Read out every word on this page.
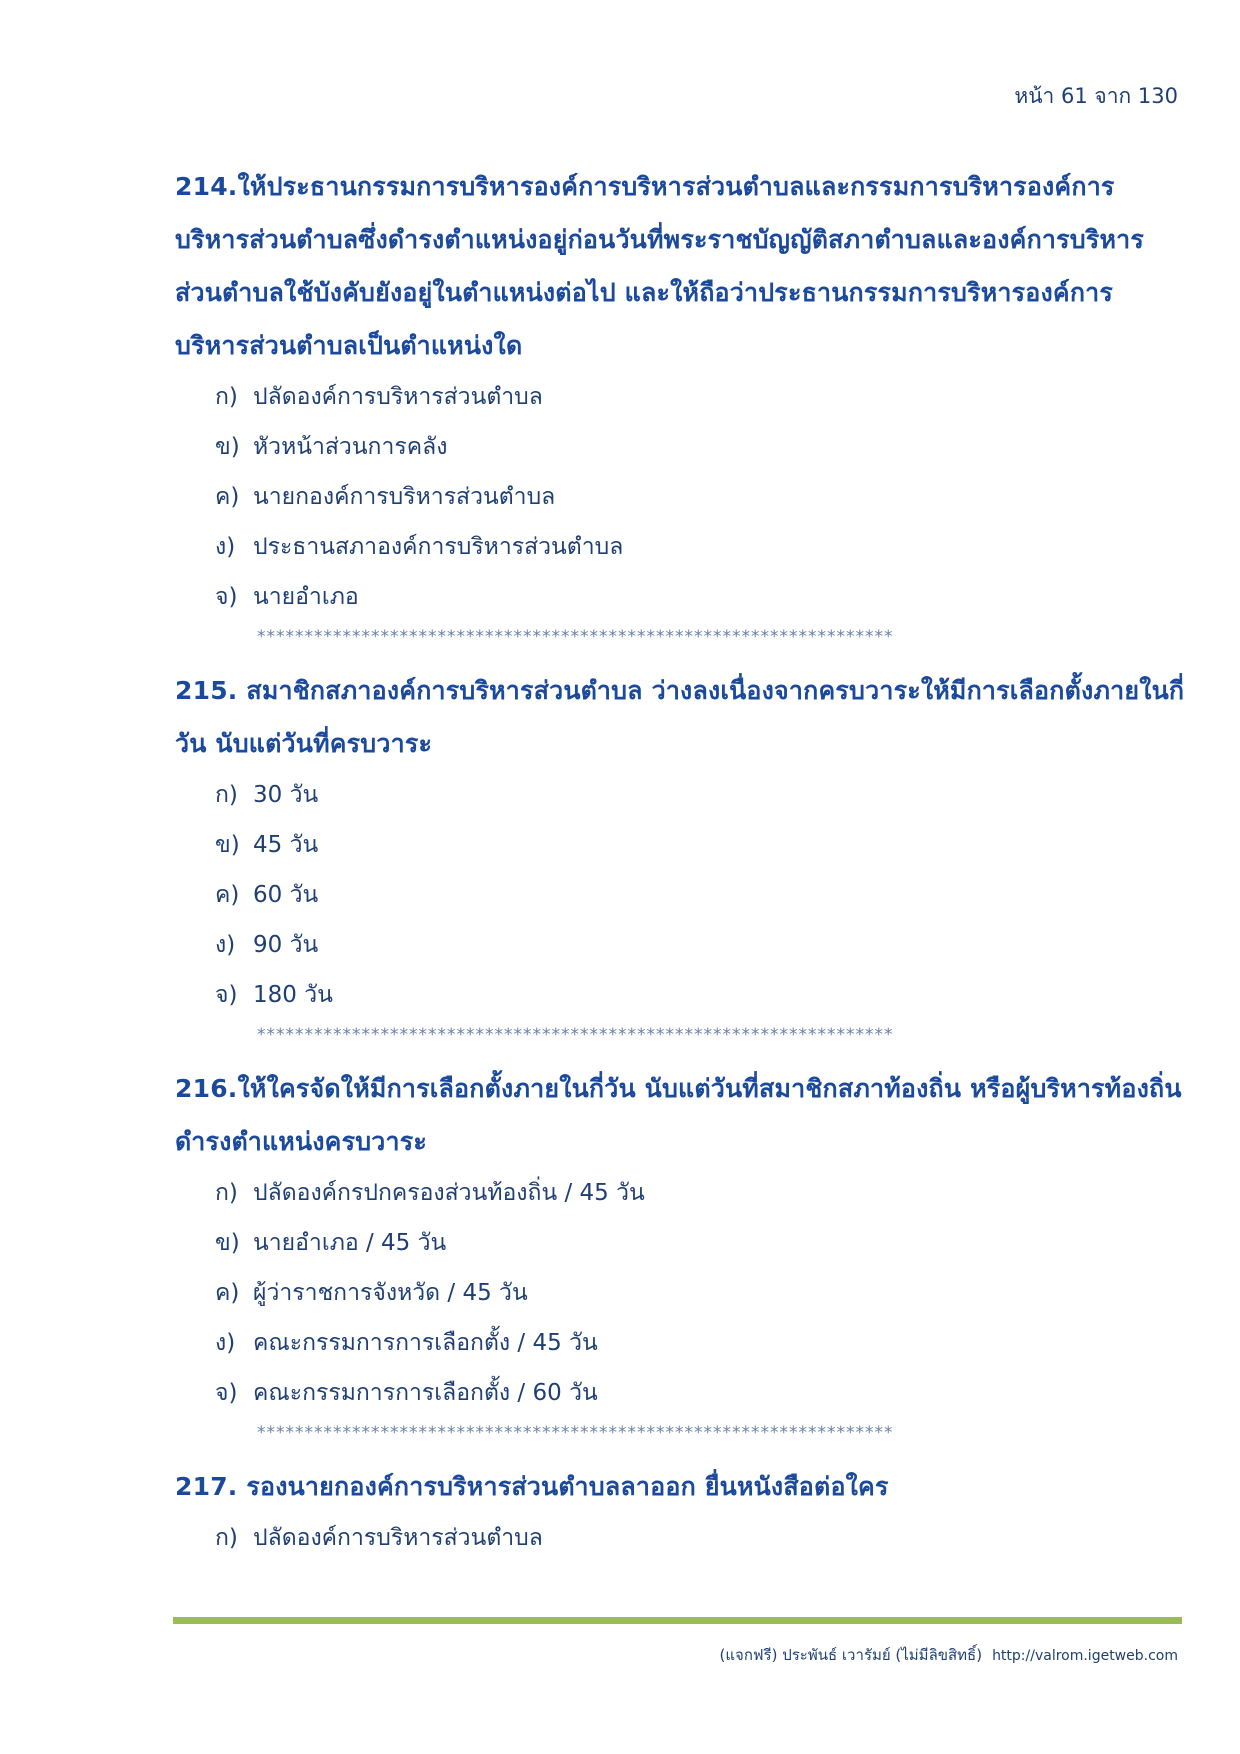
หน้า 61 จาก 130

214.ให้ประธานกรรมการบริหารองค์การบริหารส่วนตำบลและกรรมการบริหารองค์การบริหารส่วนตำบลซึ่งดำรงตำแหน่งอยู่ก่อนวันที่พระราชบัญญัติสภาตำบลและองค์การบริหารส่วนตำบลใช้บังคับยังอยู่ในตำแหน่งต่อไป และให้ถือว่าประธานกรรมการบริหารองค์การบริหารส่วนตำบลเป็นตำแหน่งใด

ก) ปลัดองค์การบริหารส่วนตำบล
ข) หัวหน้าส่วนการคลัง
ค) นายกองค์การบริหารส่วนตำบล
ง) ประธานสภาองค์การบริหารส่วนตำบล
จ) นายอำเภอ
*******************************************************************

215. สมาชิกสภาองค์การบริหารส่วนตำบล ว่างลงเนื่องจากครบวาระให้มีการเลือกตั้งภายในกี่วัน นับแต่วันที่ครบวาระ

ก) 30 วัน
ข) 45 วัน
ค) 60 วัน
ง) 90 วัน
จ) 180 วัน
*******************************************************************

216.ให้ใครจัดให้มีการเลือกตั้งภายในกี่วัน นับแต่วันที่สมาชิกสภาท้องถิ่น หรือผู้บริหารท้องถิ่นดำรงตำแหน่งครบวาระ

ก) ปลัดองค์กรปกครองส่วนท้องถิ่น / 45 วัน
ข) นายอำเภอ / 45 วัน
ค) ผู้ว่าราชการจังหวัด / 45 วัน
ง) คณะกรรมการการเลือกตั้ง / 45 วัน
จ) คณะกรรมการการเลือกตั้ง / 60 วัน
*******************************************************************

217. รองนายกองค์การบริหารส่วนตำบลลาออก ยื่นหนังสือต่อใคร

ก) ปลัดองค์การบริหารส่วนตำบล
(แจกฟรี) ประพันธ์ เวารัมย์ (ไม่มีลิขสิทธิ์) http://valrom.igetweb.com
